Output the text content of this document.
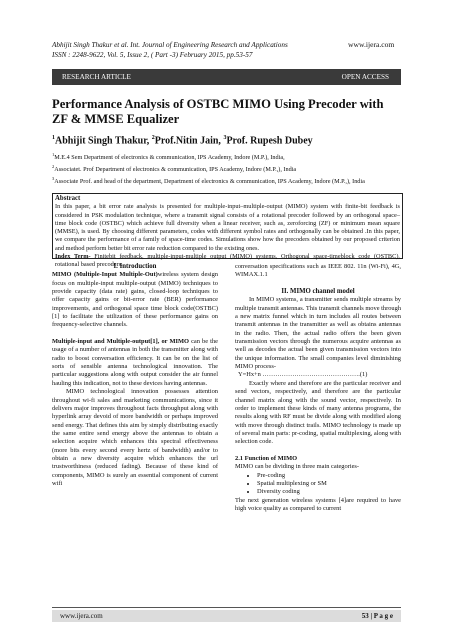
Abhijit Singh Thakur et al. Int. Journal of Engineering Research and Applications
ISSN : 2248-9622, Vol. 5, Issue 2, ( Part -3) February 2015, pp.53-57
www.ijera.com
RESEARCH ARTICLE	OPEN ACCESS
Performance Analysis of OSTBC MIMO Using Precoder with ZF & MMSE Equalizer
$^1$Abhijit Singh Thakur, $^2$Prof.Nitin Jain, $^3$Prof. Rupesh Dubey
$^1$M.E.4 Sem Department of electronics & communication, IPS Academy, Indore (M.P.), India,
$^2$Associatet. Prof Department of electronics & communication, IPS Academy, Indore (M.P.,), India
$^3$Associate Prof. and head of the department, Department of electronics & communication, IPS Academy, Indore (M.P.,), India
Abstract
In this paper, a bit error rate analysis is presented for multiple-input–multiple-output (MIMO) system with finite-bit feedback is considered in PSK modulation technique, where a transmit signal consists of a rotational precoder followed by an orthogonal space–time block code (OSTBC) which achieve full diversity when a linear receiver, such as, zeroforcing (ZF) or minimum mean square (MMSE), is used. By choosing different parameters, codes with different symbol rates and orthogonally can be obtained .In this paper, we compare the performance of a family of space-time codes. Simulations show how the precoders obtained by our proposed criterion and method perform better bit error rate reduction compared to the existing ones.
Index Term- Finitebit feedback, multiple-input-multiple output (MIMO) systems, Orthogonal space-timeblock code (OSTBC), rotational based precoders.
I. Introduction

MIMO (Multiple-Input Multiple-Out)wireless system design focus on multiple-input multiple-output (MIMO) techniques to provide capacity (data rate) gains, closed-loop techniques to offer capacity gains or bit-error rate (BER) performance improvements, and orthogonal space time block code(OSTBC)[1] to facilitate the utilization of these performance gains on frequency-selective channels.

Multiple-input and Multiple-output[1], or MIMO can be the usage of a number of antennas in both the transmitter along with radio to boost conversation efficiency. It can be on the list of sorts of sensible antenna technological innovation. The particular suggestions along with output consider the air funnel hauling this indication, not to these devices having antennas.

MIMO technological innovation possesses attention throughout wi-fi sales and marketing communications, since it delivers major improves throughout facts throughput along with hyperlink array devoid of more bandwidth or perhaps improved send energy. That defines this aim by simply distributing exactly the same entire send energy above the antennas to obtain a selection acquire which enhances this spectral effectiveness (more bits every second every hertz of bandwidth) and/or to obtain a new diversity acquire which enhances the url trustworthiness (reduced fading). Because of these kind of components, MIMO is surely an essential component of current wifi

conversation specifications such as IEEE 802. 11n (Wi-Fi), 4G, WIMAX.1.1

II. MIMO channel model

In MIMO systems, a transmitter sends multiple streams by multiple transmit antennas. This transmit channels move through a new matrix funnel which in turn includes all routes between transmit antennas in the transmitter as well as obtains antennas in the radio. Then, the actual radio offers the been given transmission vectors through the numerous acquire antennas as well as decodes the actual been given transmission vectors into the unique information. The small companies level diminishing MIMO process-

Y=Hx+n ……………………………………….(1)

Exactly where and therefore are the particular receiver and send vectors, respectively, and therefore are the particular channel matrix along with the sound vector, respectively. In order to implement these kinds of many antenna programs, the results along with RF must be divide along with modified along with move through distinct trails. MIMO technology is made up of several main parts: pr-coding, spatial multiplexing, along with selection code.

2.1 Function of MIMO

MIMO can be dividing in three main categories-

• Pre-coding
• Spatial multiplexing or SM
• Diversity coding

The next generation wireless systems [4]are required to have high voice quality as compared to current

www.ijera.com	53 | P a g e
